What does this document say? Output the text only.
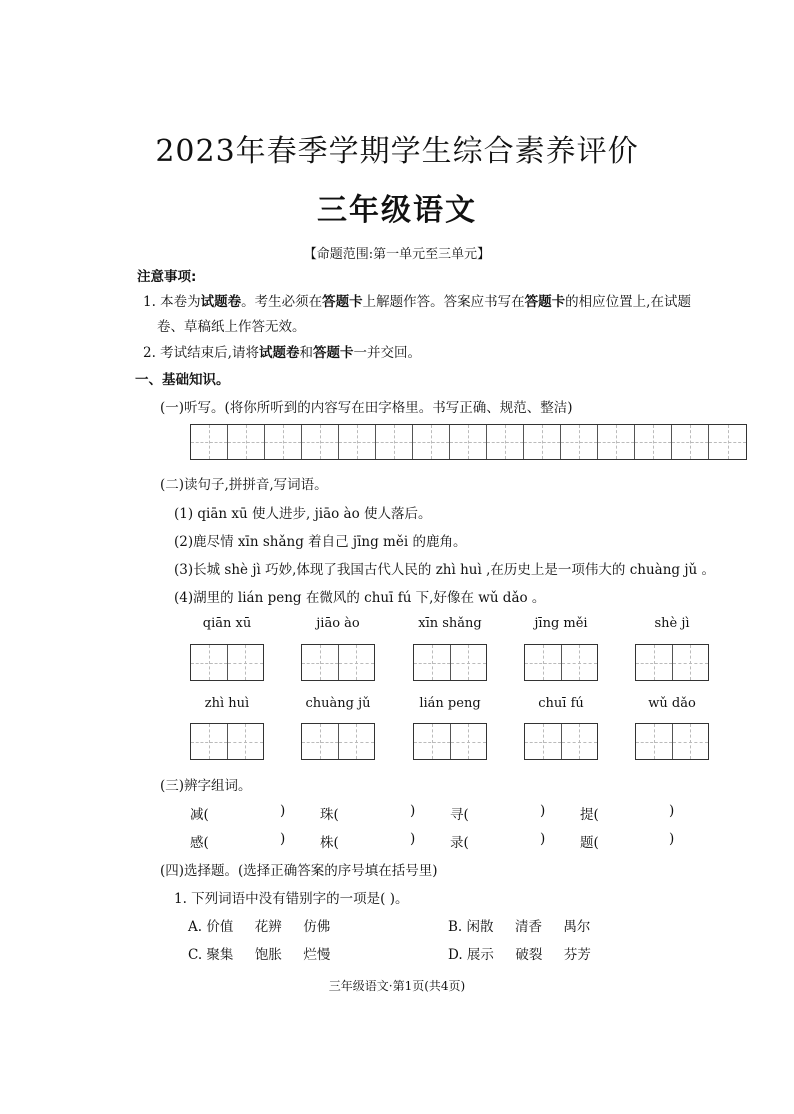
2023年春季学期学生综合素养评价
三年级语文
【命题范围:第一单元至三单元】
注意事项:
1. 本卷为试题卷。考生必须在答题卡上解题作答。答案应书写在答题卡的相应位置上,在试题
卷、草稿纸上作答无效。
2. 考试结束后,请将试题卷和答题卡一并交回。
一、基础知识。
(一)听写。(将你所听到的内容写在田字格里。书写正确、规范、整洁)
(二)读句子,拼拼音,写词语。
(1) qiān xū 使人进步, jiāo ào 使人落后。
(2)鹿尽情 xīn shǎng 着自己 jīng měi 的鹿角。
(3)长城 shè jì 巧妙,体现了我国古代人民的 zhì huì ,在历史上是一项伟大的 chuàng jǔ 。
(4)湖里的 lián peng 在微风的 chuī fú 下,好像在 wǔ dǎo 。
qiān xū	jiāo ào	xīn shǎng	jīng měi	shè jì
zhì huì	chuàng jǔ	lián peng	chuī fú	wǔ dǎo
(三)辨字组词。
减(	)	珠(	)	寻(	)	提(	)
感(	)	株(	)	录(	)	题(	)
(四)选择题。(选择正确答案的序号填在括号里)
1. 下列词语中没有错别字的一项是( )。
A. 价值     花辨     仿佛	B. 闲散     清香     禺尔
C. 聚集     饱胀     烂慢	D. 展示     破裂     芬芳
三年级语文·第1页(共4页)
